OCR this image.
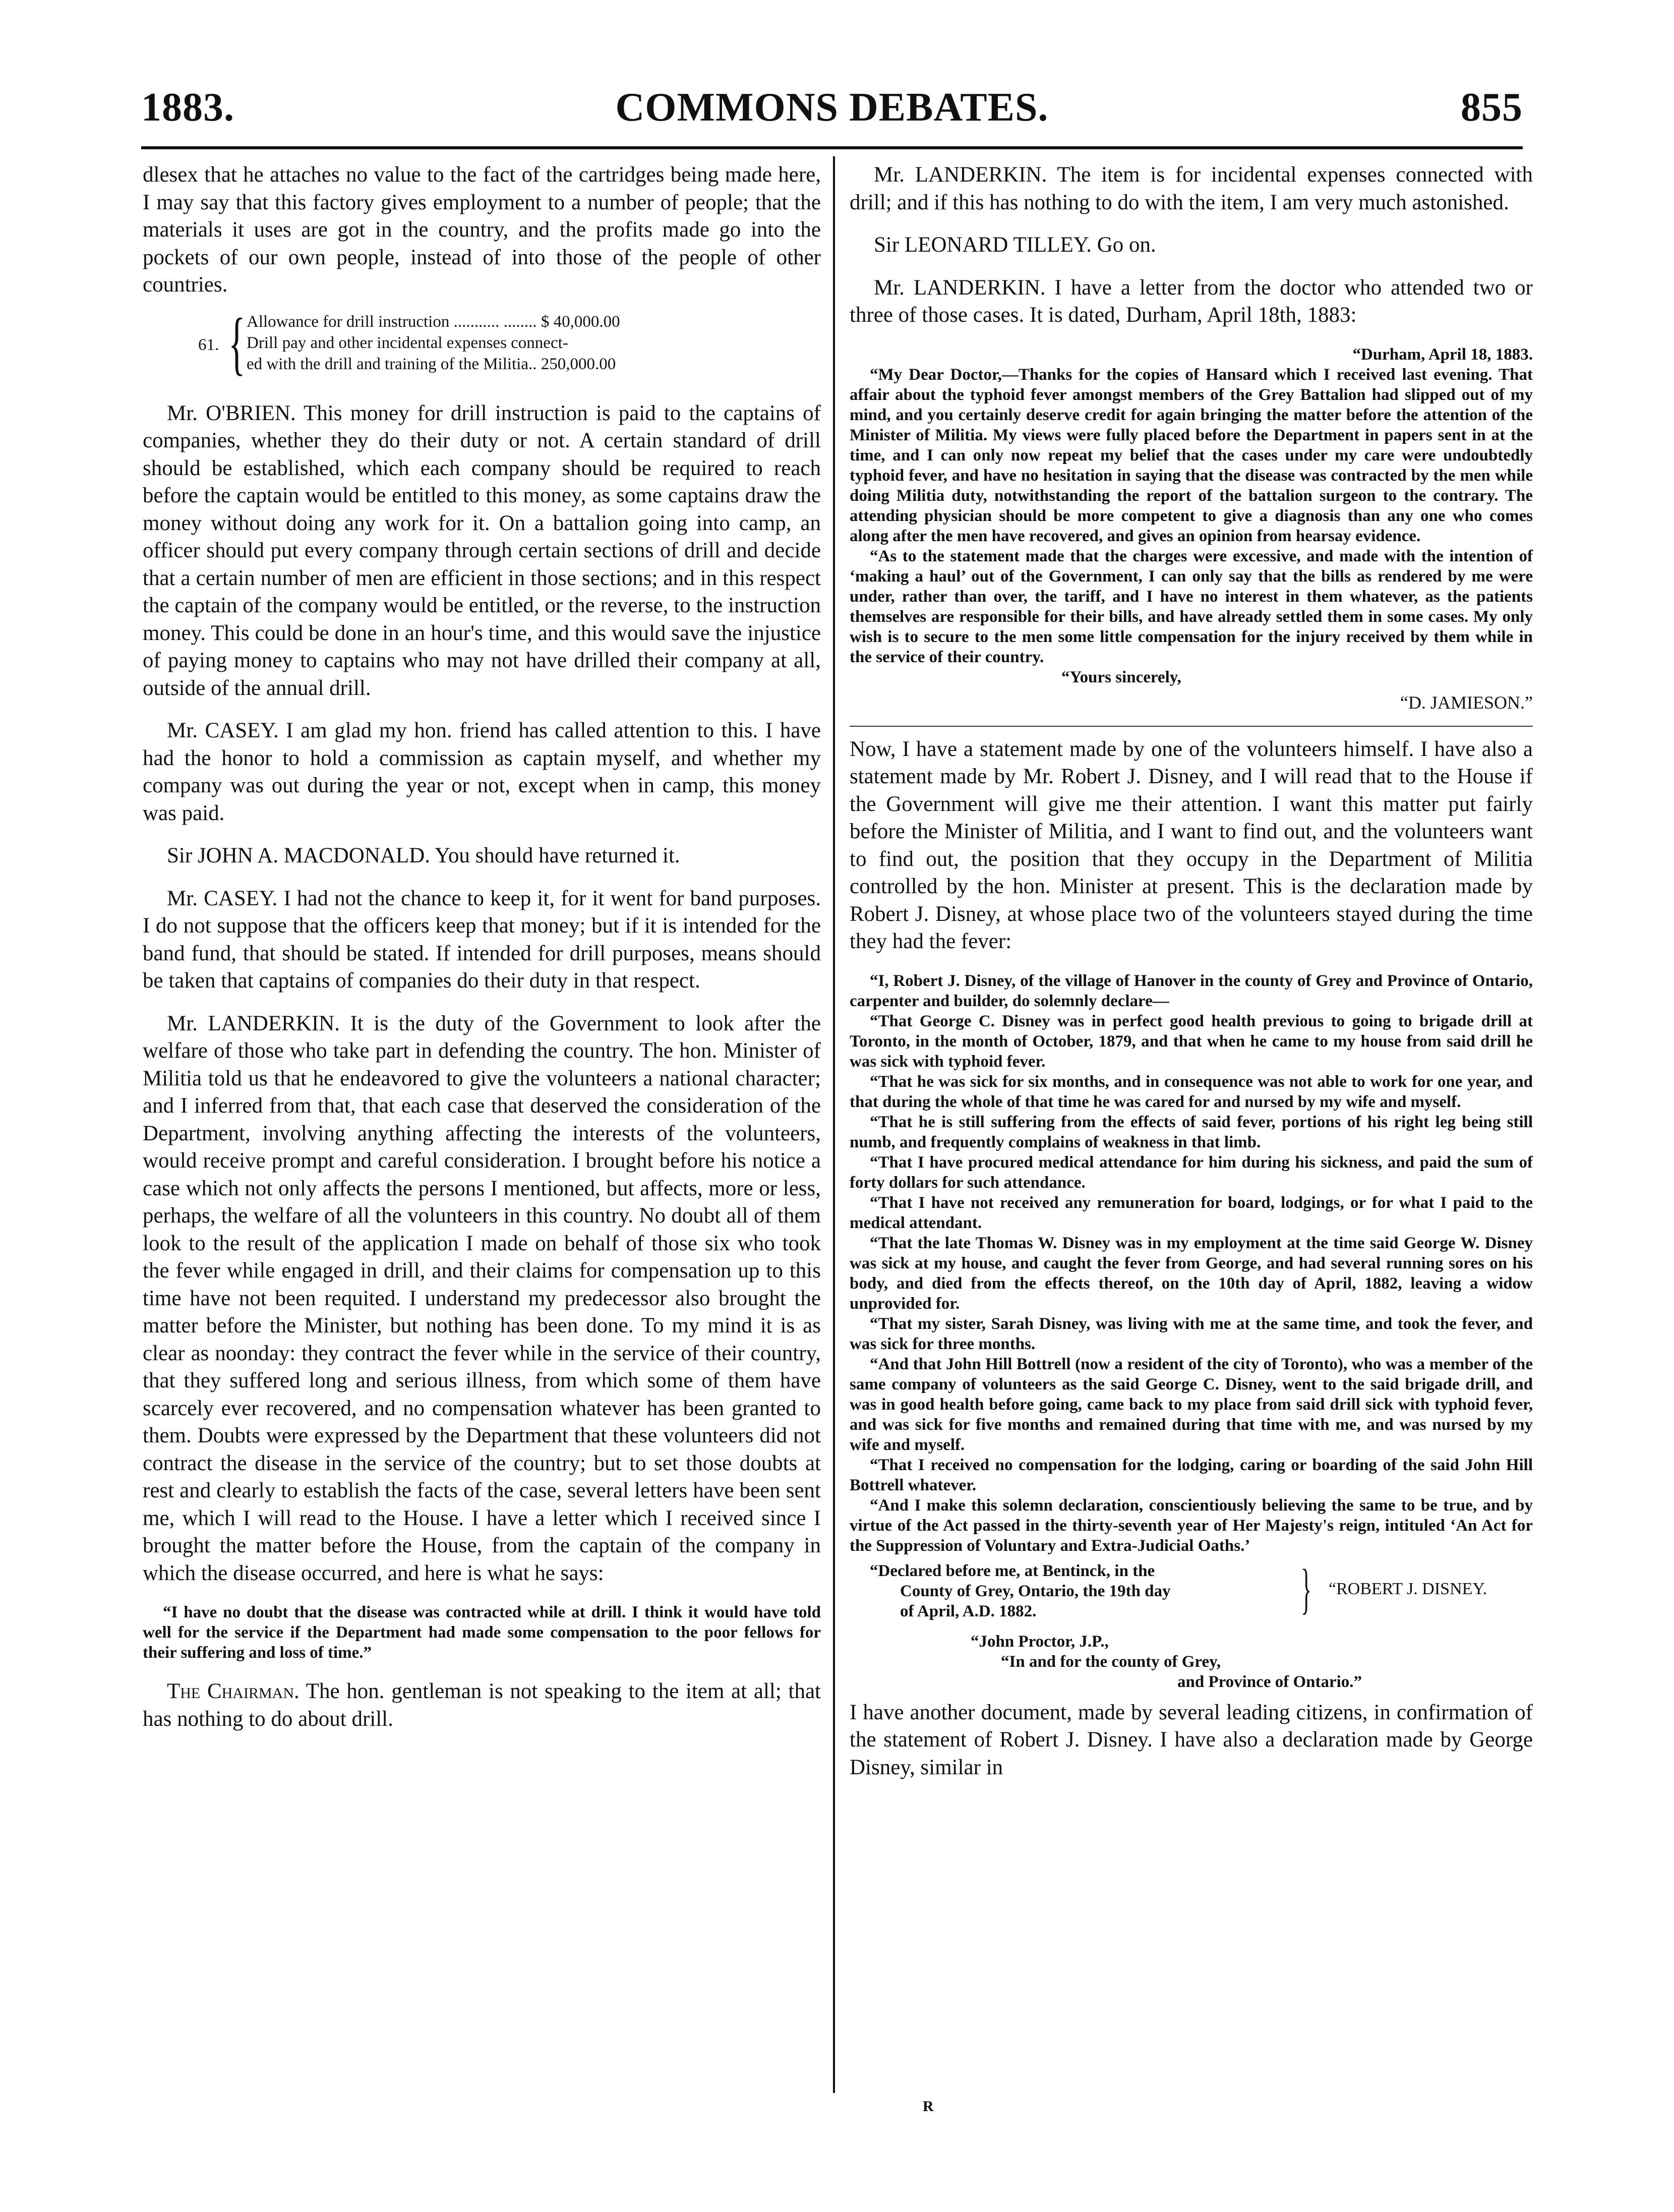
1883.	COMMONS DEBATES.	855

dlesex that he attaches no value to the fact of the cartridges being made here, I may say that this factory gives employment to a number of people; that the materials it uses are got in the country, and the profits made go into the pockets of our own people, instead of into those of the people of other countries.

61. { Allowance for drill instruction ........... ........ $ 40,000.00
Drill pay and other incidental expenses connect-
ed with the drill and training of the Militia.. 250,000.00

Mr. O'BRIEN. This money for drill instruction is paid to the captains of companies, whether they do their duty or not. A certain standard of drill should be established, which each company should be required to reach before the captain would be entitled to this money, as some captains draw the money without doing any work for it. On a battalion going into camp, an officer should put every company through certain sections of drill and decide that a certain number of men are efficient in those sections; and in this respect the captain of the company would be entitled, or the reverse, to the instruction money. This could be done in an hour's time, and this would save the injustice of paying money to captains who may not have drilled their company at all, outside of the annual drill.

Mr. CASEY. I am glad my hon. friend has called attention to this. I have had the honor to hold a commission as captain myself, and whether my company was out during the year or not, except when in camp, this money was paid.

Sir JOHN A. MACDONALD. You should have returned it.

Mr. CASEY. I had not the chance to keep it, for it went for band purposes. I do not suppose that the officers keep that money; but if it is intended for the band fund, that should be stated. If intended for drill purposes, means should be taken that captains of companies do their duty in that respect.

Mr. LANDERKIN. It is the duty of the Government to look after the welfare of those who take part in defending the country. The hon. Minister of Militia told us that he endeavored to give the volunteers a national character; and I inferred from that, that each case that deserved the consideration of the Department, involving anything affecting the interests of the volunteers, would receive prompt and careful consideration. I brought before his notice a case which not only affects the persons I mentioned, but affects, more or less, perhaps, the welfare of all the volunteers in this country. No doubt all of them look to the result of the application I made on behalf of those six who took the fever while engaged in drill, and their claims for compensation up to this time have not been requited. I understand my predecessor also brought the matter before the Minister, but nothing has been done. To my mind it is as clear as noonday: they contract the fever while in the service of their country, that they suffered long and serious illness, from which some of them have scarcely ever recovered, and no compensation whatever has been granted to them. Doubts were expressed by the Department that these volunteers did not contract the disease in the service of the country; but to set those doubts at rest and clearly to establish the facts of the case, several letters have been sent me, which I will read to the House. I have a letter which I received since I brought the matter before the House, from the captain of the company in which the disease occurred, and here is what he says:

“I have no doubt that the disease was contracted while at drill. I think it would have told well for the service if the Department had made some compensation to the poor fellows for their suffering and loss of time.”

The Chairman. The hon. gentleman is not speaking to the item at all; that has nothing to do about drill.

Mr. LANDERKIN. The item is for incidental expenses connected with drill; and if this has nothing to do with the item, I am very much astonished.

Sir LEONARD TILLEY. Go on.

Mr. LANDERKIN. I have a letter from the doctor who attended two or three of those cases. It is dated, Durham, April 18th, 1883:

“Durham, April 18, 1883.

“My Dear Doctor,—Thanks for the copies of Hansard which I received last evening. That affair about the typhoid fever amongst members of the Grey Battalion had slipped out of my mind, and you certainly deserve credit for again bringing the matter before the attention of the Minister of Militia. My views were fully placed before the Department in papers sent in at the time, and I can only now repeat my belief that the cases under my care were undoubtedly typhoid fever, and have no hesitation in saying that the disease was contracted by the men while doing Militia duty, notwithstanding the report of the battalion surgeon to the contrary. The attending physician should be more competent to give a diagnosis than any one who comes along after the men have recovered, and gives an opinion from hearsay evidence.

“As to the statement made that the charges were excessive, and made with the intention of ‘making a haul’ out of the Government, I can only say that the bills as rendered by me were under, rather than over, the tariff, and I have no interest in them whatever, as the patients themselves are responsible for their bills, and have already settled them in some cases. My only wish is to secure to the men some little compensation for the injury received by them while in the service of their country.

“Yours sincerely,
“D. JAMIESON.”

Now, I have a statement made by one of the volunteers himself. I have also a statement made by Mr. Robert J. Disney, and I will read that to the House if the Government will give me their attention. I want this matter put fairly before the Minister of Militia, and I want to find out, and the volunteers want to find out, the position that they occupy in the Department of Militia controlled by the hon. Minister at present. This is the declaration made by Robert J. Disney, at whose place two of the volunteers stayed during the time they had the fever:

“I, Robert J. Disney, of the village of Hanover in the county of Grey and Province of Ontario, carpenter and builder, do solemnly declare—

“That George C. Disney was in perfect good health previous to going to brigade drill at Toronto, in the month of October, 1879, and that when he came to my house from said drill he was sick with typhoid fever.

“That he was sick for six months, and in consequence was not able to work for one year, and that during the whole of that time he was cared for and nursed by my wife and myself.

“That he is still suffering from the effects of said fever, portions of his right leg being still numb, and frequently complains of weakness in that limb.

“That I have procured medical attendance for him during his sickness, and paid the sum of forty dollars for such attendance.

“That I have not received any remuneration for board, lodgings, or for what I paid to the medical attendant.

“That the late Thomas W. Disney was in my employment at the time said George W. Disney was sick at my house, and caught the fever from George, and had several running sores on his body, and died from the effects thereof, on the 10th day of April, 1882, leaving a widow unprovided for.

“That my sister, Sarah Disney, was living with me at the same time, and took the fever, and was sick for three months.

“And that John Hill Bottrell (now a resident of the city of Toronto), who was a member of the same company of volunteers as the said George C. Disney, went to the said brigade drill, and was in good health before going, came back to my place from said drill sick with typhoid fever, and was sick for five months and remained during that time with me, and was nursed by my wife and myself.

“That I received no compensation for the lodging, caring or boarding of the said John Hill Bottrell whatever.

“And I make this solemn declaration, conscientiously believing the same to be true, and by virtue of the Act passed in the thirty-seventh year of Her Majesty's reign, intituled ‘An Act for the Suppression of Voluntary and Extra-Judicial Oaths.’

“Declared before me, at Bentinck, in the
County of Grey, Ontario, the 19th day
of April, A.D. 1882.	} “ROBERT J. DISNEY.
“John Proctor, J.P.,
“In and for the county of Grey,
and Province of Ontario.”

I have another document, made by several leading citizens, in confirmation of the statement of Robert J. Disney. I have also a declaration made by George Disney, similar in

R
